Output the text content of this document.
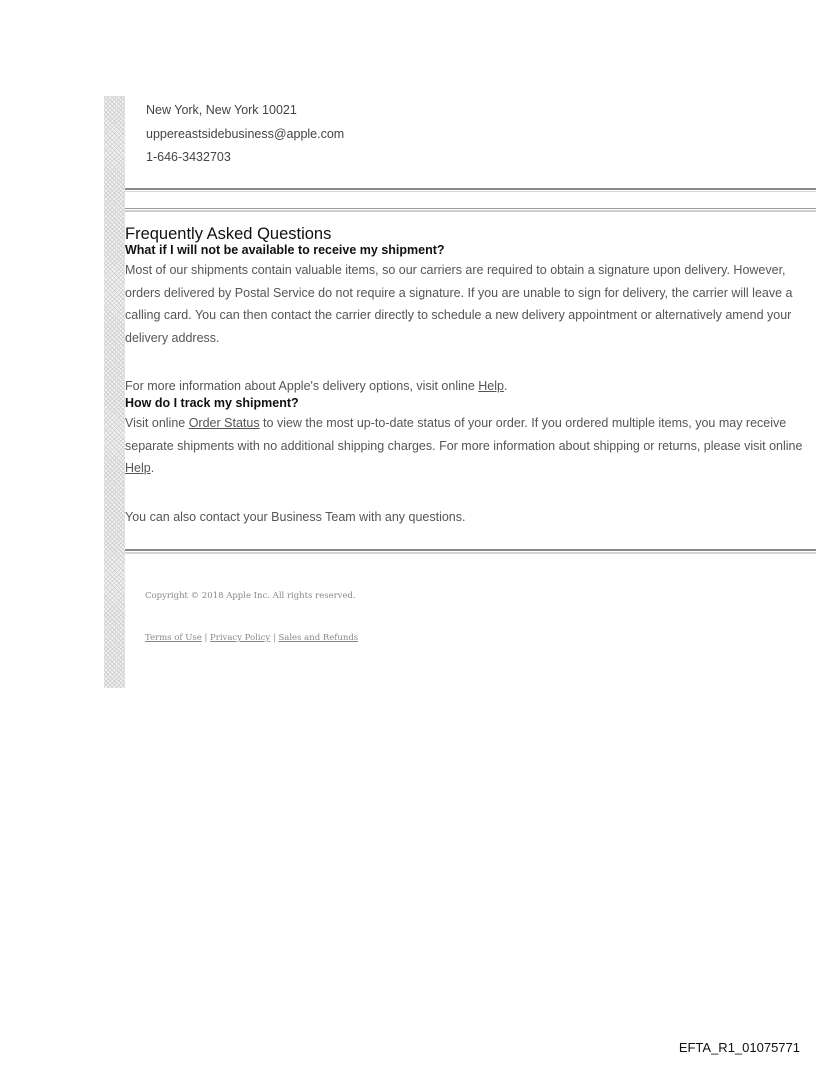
New York, New York 10021
uppereastsidebusiness@apple.com
1-646-3432703
Frequently Asked Questions
What if I will not be available to receive my shipment?
Most of our shipments contain valuable items, so our carriers are required to obtain a signature upon delivery. However, orders delivered by Postal Service do not require a signature. If you are unable to sign for delivery, the carrier will leave a calling card. You can then contact the carrier directly to schedule a new delivery appointment or alternatively amend your delivery address.
For more information about Apple's delivery options, visit online Help.
How do I track my shipment?
Visit online Order Status to view the most up-to-date status of your order. If you ordered multiple items, you may receive separate shipments with no additional shipping charges. For more information about shipping or returns, please visit online Help.
You can also contact your Business Team with any questions.
Copyright © 2018 Apple Inc. All rights reserved.
Terms of Use | Privacy Policy | Sales and Refunds
EFTA_R1_01075771
